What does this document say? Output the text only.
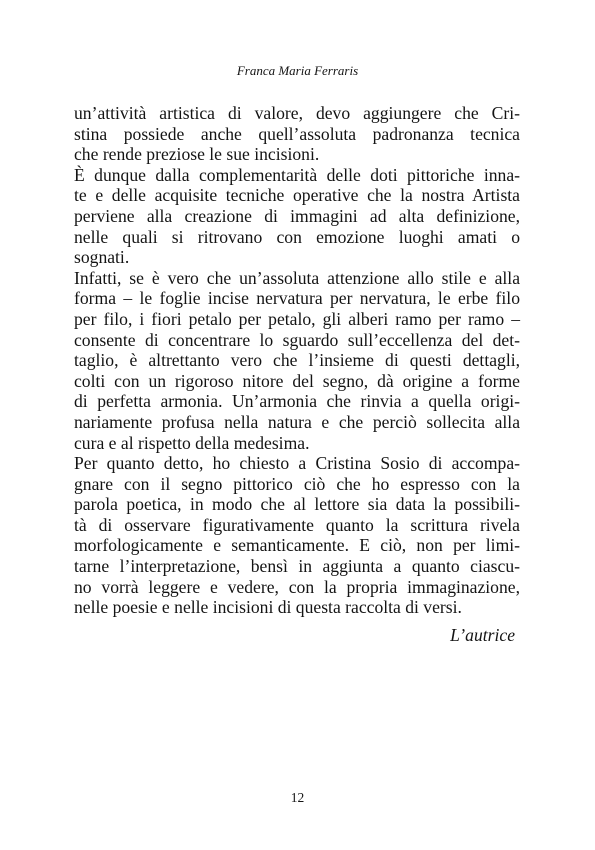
Franca Maria Ferraris
un’attività artistica di valore, devo aggiungere che Cri-
stina possiede anche quell’assoluta padronanza tecnica
che rende preziose le sue incisioni.
È dunque dalla complementarità delle doti pittoriche inna-
te e delle acquisite tecniche operative che la nostra Artista
perviene alla creazione di immagini ad alta definizione,
nelle quali si ritrovano con emozione luoghi amati o
sognati.
Infatti, se è vero che un’assoluta attenzione allo stile e alla
forma – le foglie incise nervatura per nervatura, le erbe filo
per filo, i fiori petalo per petalo, gli alberi ramo per ramo –
consente di concentrare lo sguardo sull’eccellenza del det-
taglio, è altrettanto vero che l’insieme di questi dettagli,
colti con un rigoroso nitore del segno, dà origine a forme
di perfetta armonia. Un’armonia che rinvia a quella origi-
nariamente profusa nella natura e che perciò sollecita alla
cura e al rispetto della medesima.
Per quanto detto, ho chiesto a Cristina Sosio di accompa-
gnare con il segno pittorico ciò che ho espresso con la
parola poetica, in modo che al lettore sia data la possibili-
tà di osservare figurativamente quanto la scrittura rivela
morfologicamente e semanticamente. E ciò, non per limi-
tarne l’interpretazione, bensì in aggiunta a quanto ciascu-
no vorrà leggere e vedere, con la propria immaginazione,
nelle poesie e nelle incisioni di questa raccolta di versi.
L’autrice
12
